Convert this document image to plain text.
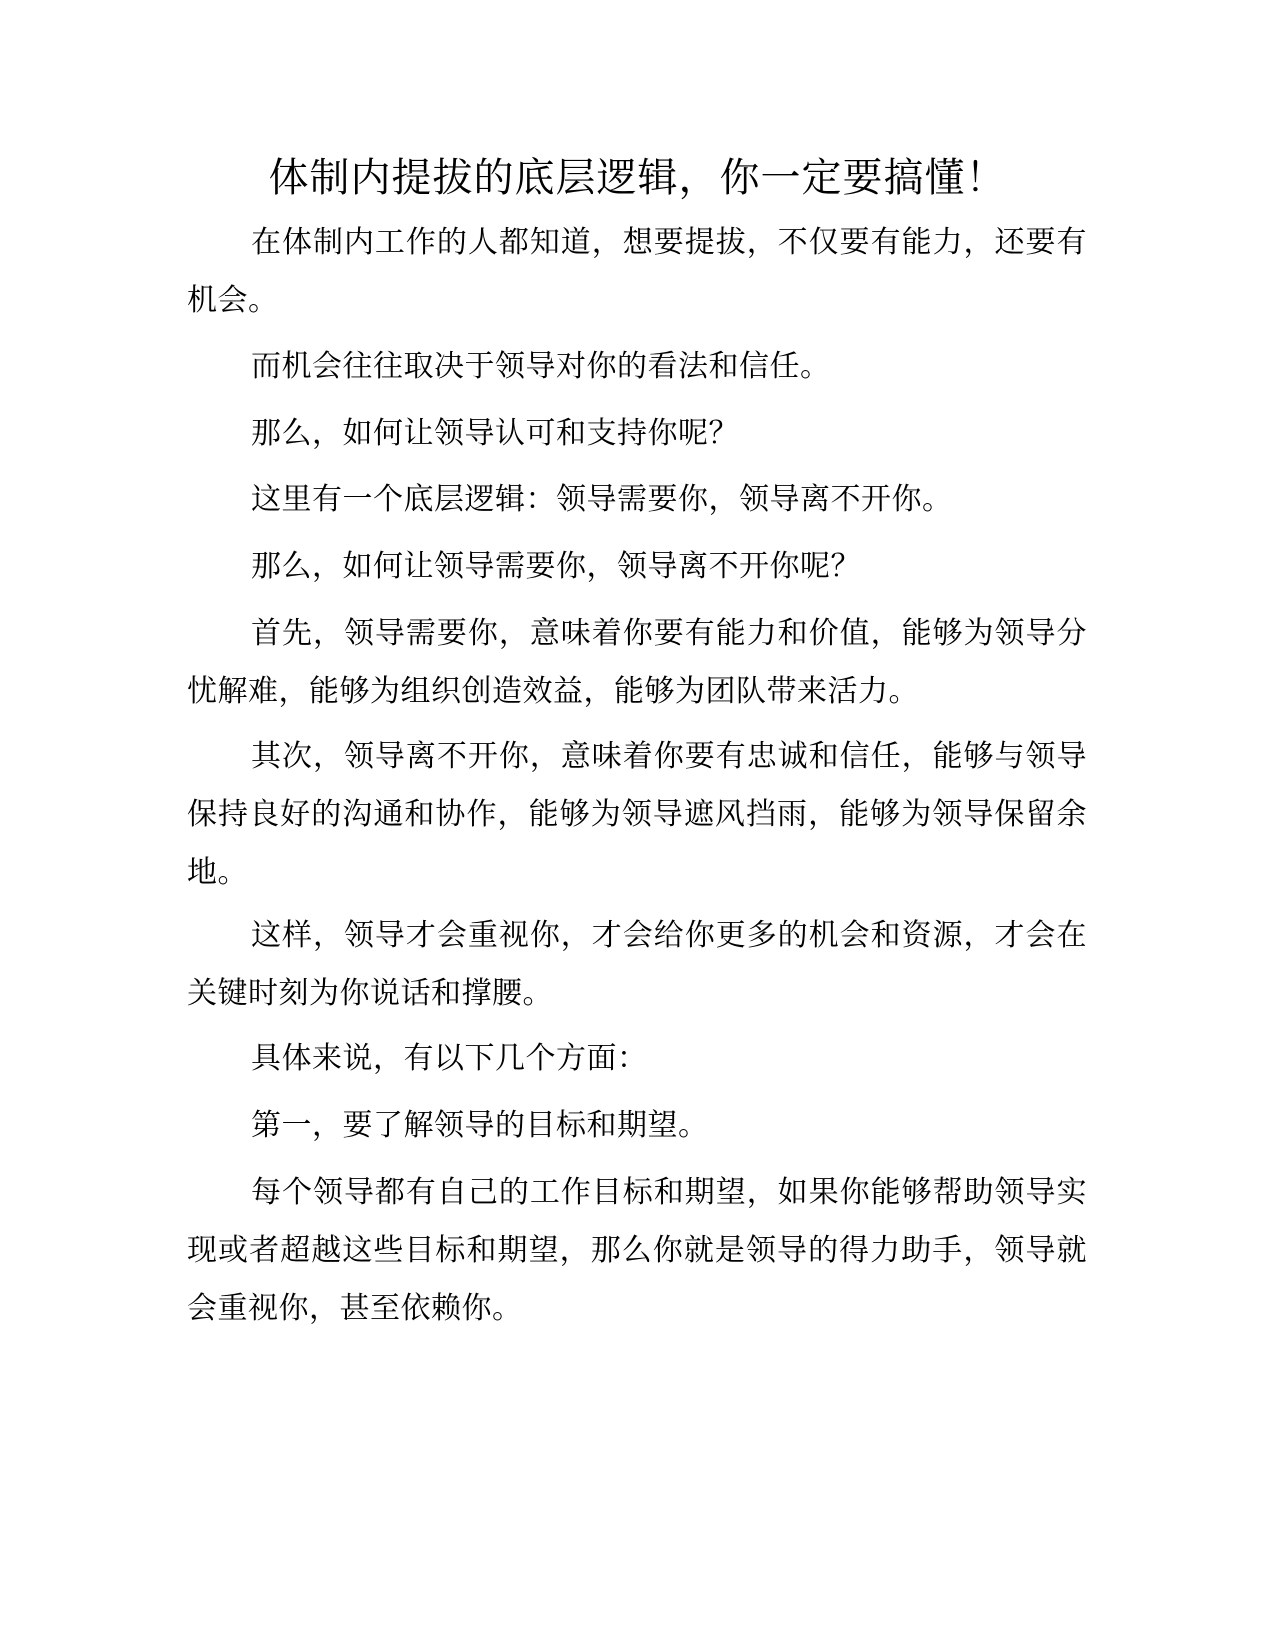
体制内提拔的底层逻辑，你一定要搞懂！

在体制内工作的人都知道，想要提拔，不仅要有能力，还要有机会。

而机会往往取决于领导对你的看法和信任。

那么，如何让领导认可和支持你呢？

这里有一个底层逻辑：领导需要你，领导离不开你。

那么，如何让领导需要你，领导离不开你呢？

首先，领导需要你，意味着你要有能力和价值，能够为领导分忧解难，能够为组织创造效益，能够为团队带来活力。

其次，领导离不开你，意味着你要有忠诚和信任，能够与领导保持良好的沟通和协作，能够为领导遮风挡雨，能够为领导保留余地。

这样，领导才会重视你，才会给你更多的机会和资源，才会在关键时刻为你说话和撑腰。

具体来说，有以下几个方面：

第一，要了解领导的目标和期望。

每个领导都有自己的工作目标和期望，如果你能够帮助领导实现或者超越这些目标和期望，那么你就是领导的得力助手，领导就会重视你，甚至依赖你。
